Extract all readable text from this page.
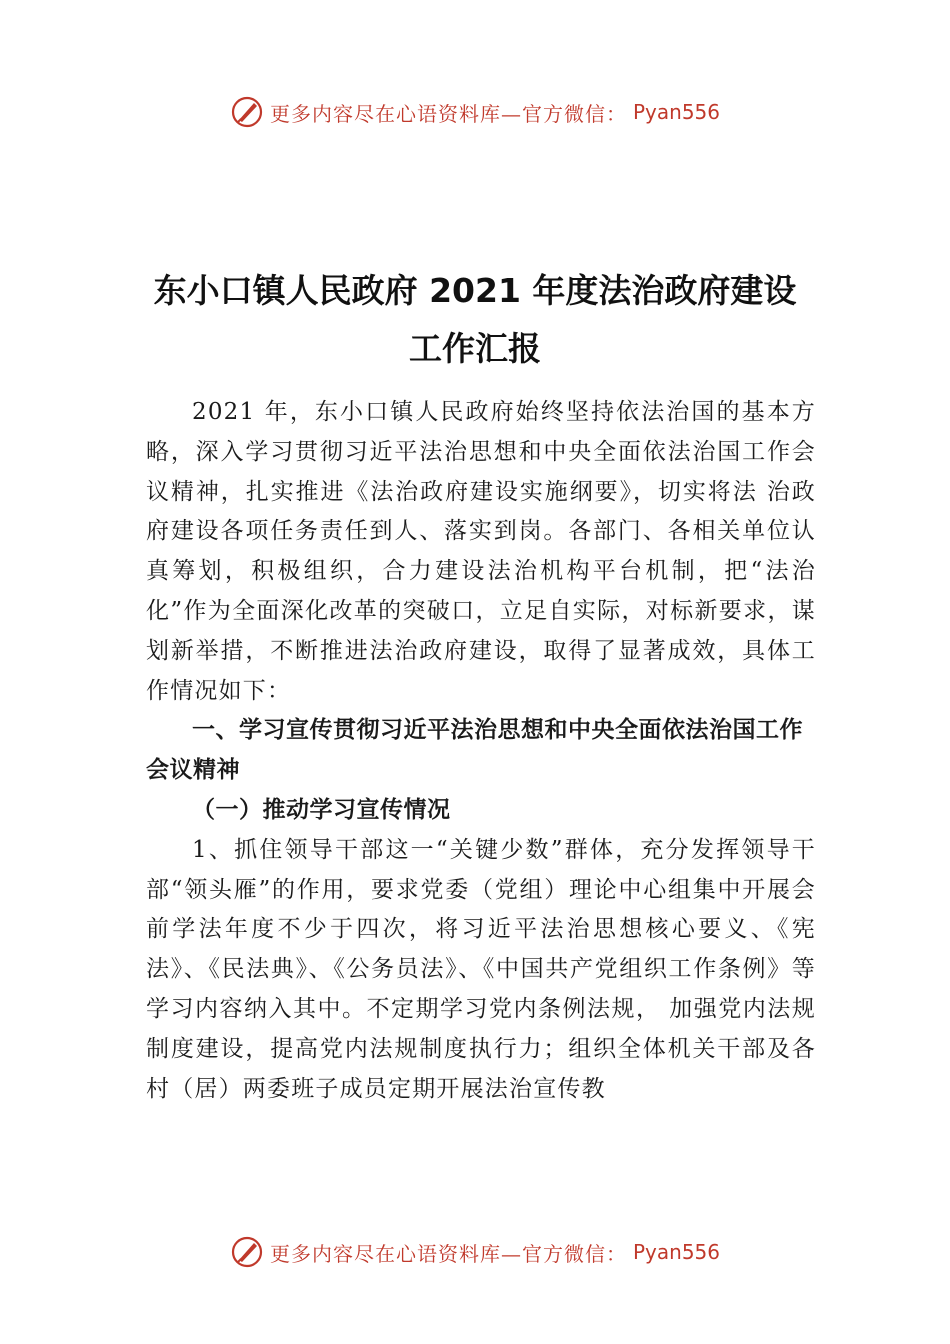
更多内容尽在心语资料库—官方微信： Pyan556
东小口镇人民政府 2021 年度法治政府建设
工作汇报

2021 年，东小口镇人民政府始终坚持依法治国的基本方略，深入学习贯彻习近平法治思想和中央全面依法治国工作会议精神，扎实推进《法治政府建设实施纲要》，切实将法 治政府建设各项任务责任到人、落实到岗。各部门、各相关单位认真筹划，积极组织，合力建设法治机构平台机制，把“法治化”作为全面深化改革的突破口，立足自实际，对标新要求，谋划新举措，不断推进法治政府建设，取得了显著成效，具体工作情况如下：

一、学习宣传贯彻习近平法治思想和中央全面依法治国工作会议精神

（一）推动学习宣传情况

1、抓住领导干部这一“关键少数”群体，充分发挥领导干部“领头雁”的作用，要求党委（党组）理论中心组集中开展会前学法年度不少于四次，将习近平法治思想核心要义、《宪法》、《民法典》、《公务员法》、《中国共产党组织工作条例》等学习内容纳入其中。不定期学习党内条例法规， 加强党内法规制度建设，提高党内法规制度执行力；组织全体机关干部及各村（居）两委班子成员定期开展法治宣传教

更多内容尽在心语资料库—官方微信： Pyan556
